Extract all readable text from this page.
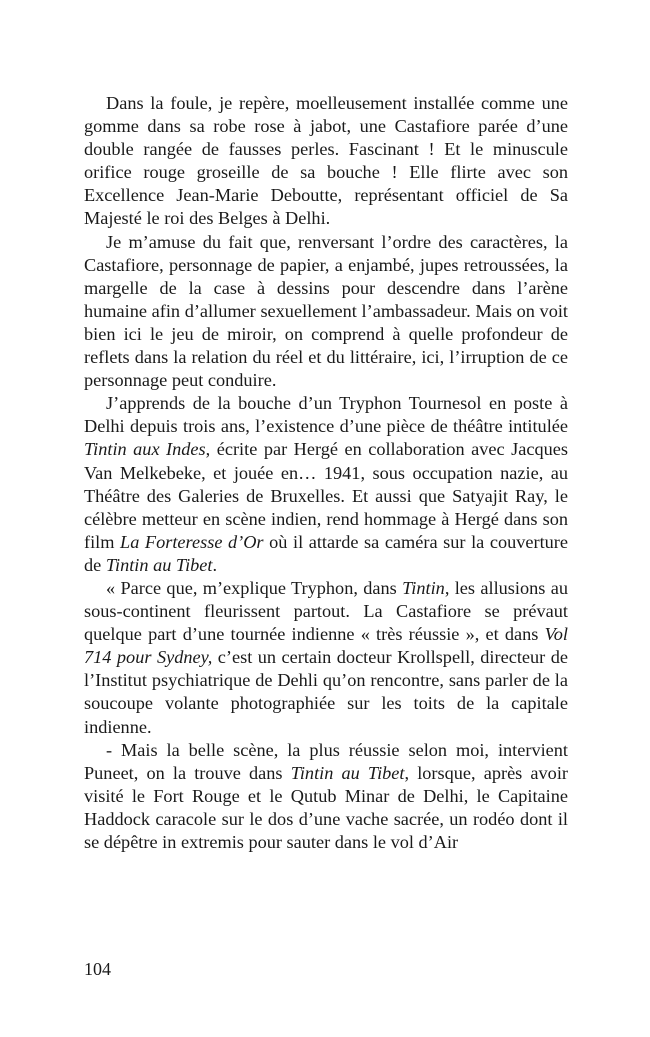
Dans la foule, je repère, moelleusement installée comme une gomme dans sa robe rose à jabot, une Castafiore parée d’une double rangée de fausses perles. Fascinant ! Et le minuscule orifice rouge groseille de sa bouche ! Elle flirte avec son Excellence Jean-Marie Deboutte, représentant officiel de Sa Majesté le roi des Belges à Delhi.

Je m’amuse du fait que, renversant l’ordre des caractères, la Castafiore, personnage de papier, a enjambé, jupes retroussées, la margelle de la case à dessins pour descendre dans l’arène humaine afin d’allumer sexuellement l’ambassadeur. Mais on voit bien ici le jeu de miroir, on comprend à quelle profondeur de reflets dans la relation du réel et du littéraire, ici, l’irruption de ce personnage peut conduire.

J’apprends de la bouche d’un Tryphon Tournesol en poste à Delhi depuis trois ans, l’existence d’une pièce de théâtre intitulée Tintin aux Indes, écrite par Hergé en collaboration avec Jacques Van Melkebeke, et jouée en… 1941, sous occupation nazie, au Théâtre des Galeries de Bruxelles. Et aussi que Satyajit Ray, le célèbre metteur en scène indien, rend hommage à Hergé dans son film La Forteresse d’Or où il attarde sa caméra sur la couverture de Tintin au Tibet.

« Parce que, m’explique Tryphon, dans Tintin, les allusions au sous-continent fleurissent partout. La Castafiore se prévaut quelque part d’une tournée indienne « très réussie », et dans Vol 714 pour Sydney, c’est un certain docteur Krollspell, directeur de l’Institut psychiatrique de Dehli qu’on rencontre, sans parler de la soucoupe volante photographiée sur les toits de la capitale indienne.

- Mais la belle scène, la plus réussie selon moi, intervient Puneet, on la trouve dans Tintin au Tibet, lorsque, après avoir visité le Fort Rouge et le Qutub Minar de Delhi, le Capitaine Haddock caracole sur le dos d’une vache sacrée, un rodéo dont il se dépêtre in extremis pour sauter dans le vol d’Air

104
